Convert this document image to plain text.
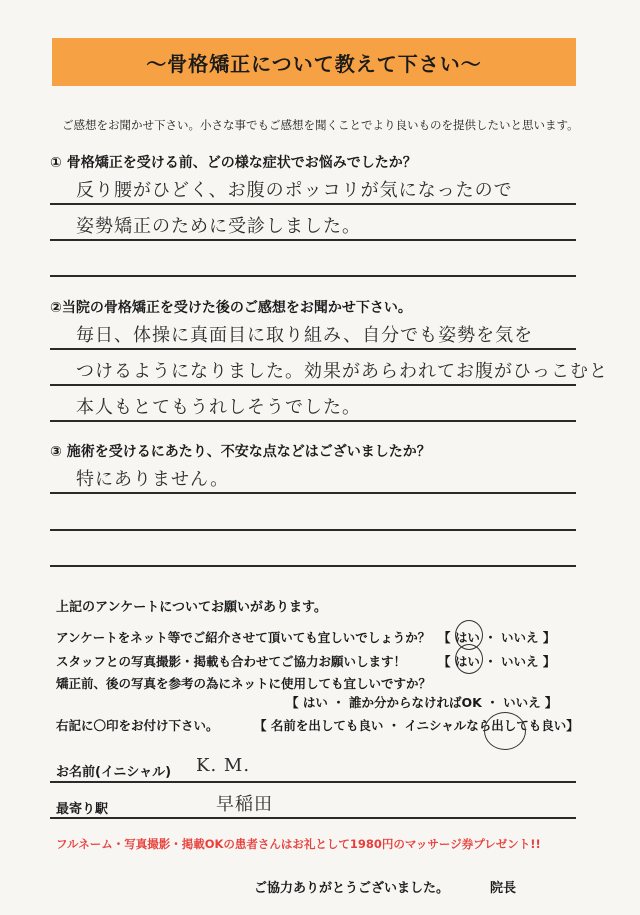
〜骨格矯正について教えて下さい〜
ご感想をお聞かせ下さい。小さな事でもご感想を聞くことでより良いものを提供したいと思います。
① 骨格矯正を受ける前、どの様な症状でお悩みでしたか？
反り腰がひどく、お腹のポッコリが気になったので
姿勢矯正のために受診しました。
②当院の骨格矯正を受けた後のご感想をお聞かせ下さい。
毎日、体操に真面目に取り組み、自分でも姿勢を気を
つけるようになりました。効果があらわれてお腹がひっこむと
本人もとてもうれしそうでした。
③ 施術を受けるにあたり、不安な点などはございましたか？
特にありません。
上記のアンケートについてお願いがあります。
アンケートをネット等でご紹介させて頂いても宜しいでしょうか？ 【 はい ・ いいえ 】
スタッフとの写真撮影・掲載も合わせてご協力お願いします！	【 はい ・ いいえ 】
矯正前、後の写真を参考の為にネットに使用しても宜しいですか？
【 はい ・ 誰か分からなければOK ・ いいえ 】
右記に〇印をお付け下さい。	【 名前を出しても良い ・ イニシャルなら出しても良い】
お名前(イニシャル) K. M.
最寄り駅	早稲田
フルネーム・写真撮影・掲載OKの患者さんはお礼として1980円のマッサージ券プレゼント!!
ご協力ありがとうございました。	院長
